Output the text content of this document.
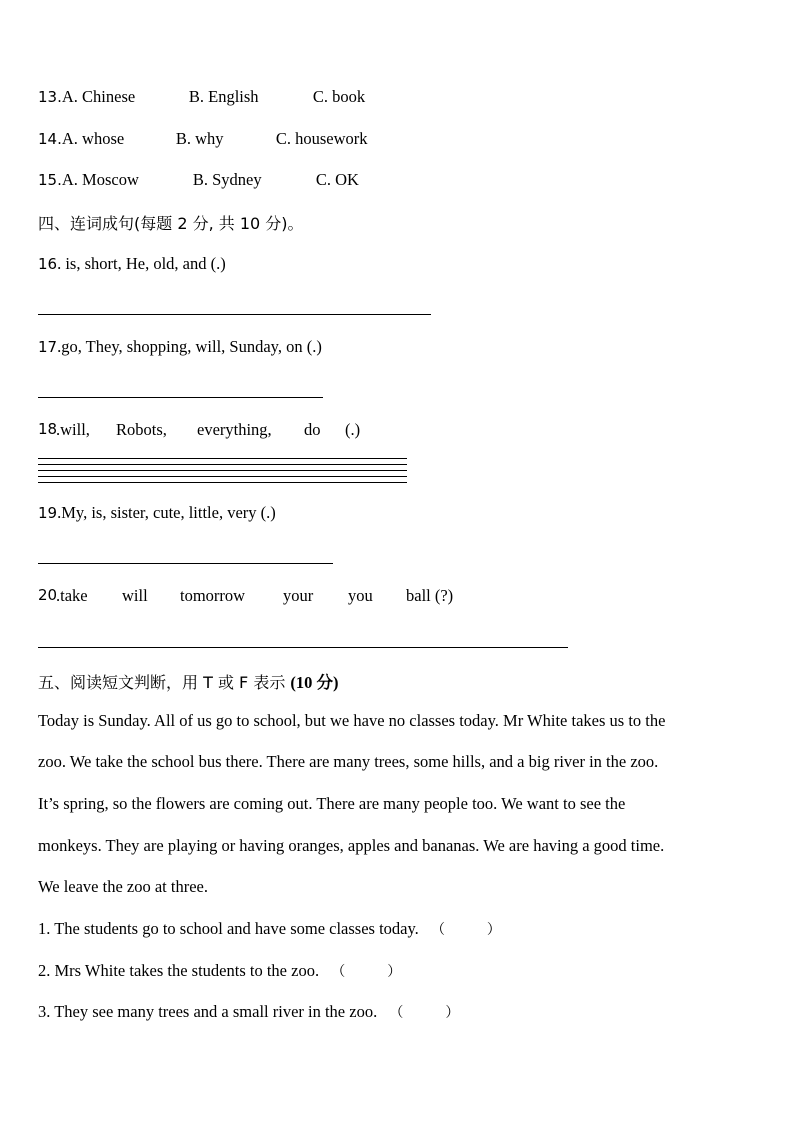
13.A. Chinese	B. English	C. book
14.A. whose	B. why	C. housework
15.A. Moscow	B. Sydney	C. OK
四、连词成句(每题 2 分, 共 10 分)。
16. is, short, He, old, and (.)
17.go, They, shopping, will, Sunday, on (.)
18
.will, Robots, everything, do (.)
19.My, is, sister, cute, little, very (.)
20
.take will tomorrow your you ball (?)
五、阅读短文判断，用 T 或 F 表示 (10 分)
Today is Sunday. All of us go to school, but we have no classes today. Mr White takes us to the
zoo. We take the school bus there. There are many trees, some hills, and a big river in the zoo.
It’s spring, so the flowers are coming out. There are many people too. We want to see the
monkeys. They are playing or having oranges, apples and bananas. We are having a good time.
We leave the zoo at three.
1. The students go to school and have some classes today. （　　　）
2. Mrs White takes the students to the zoo. （　　　）
3. They see many trees and a small river in the zoo. （　　　）
